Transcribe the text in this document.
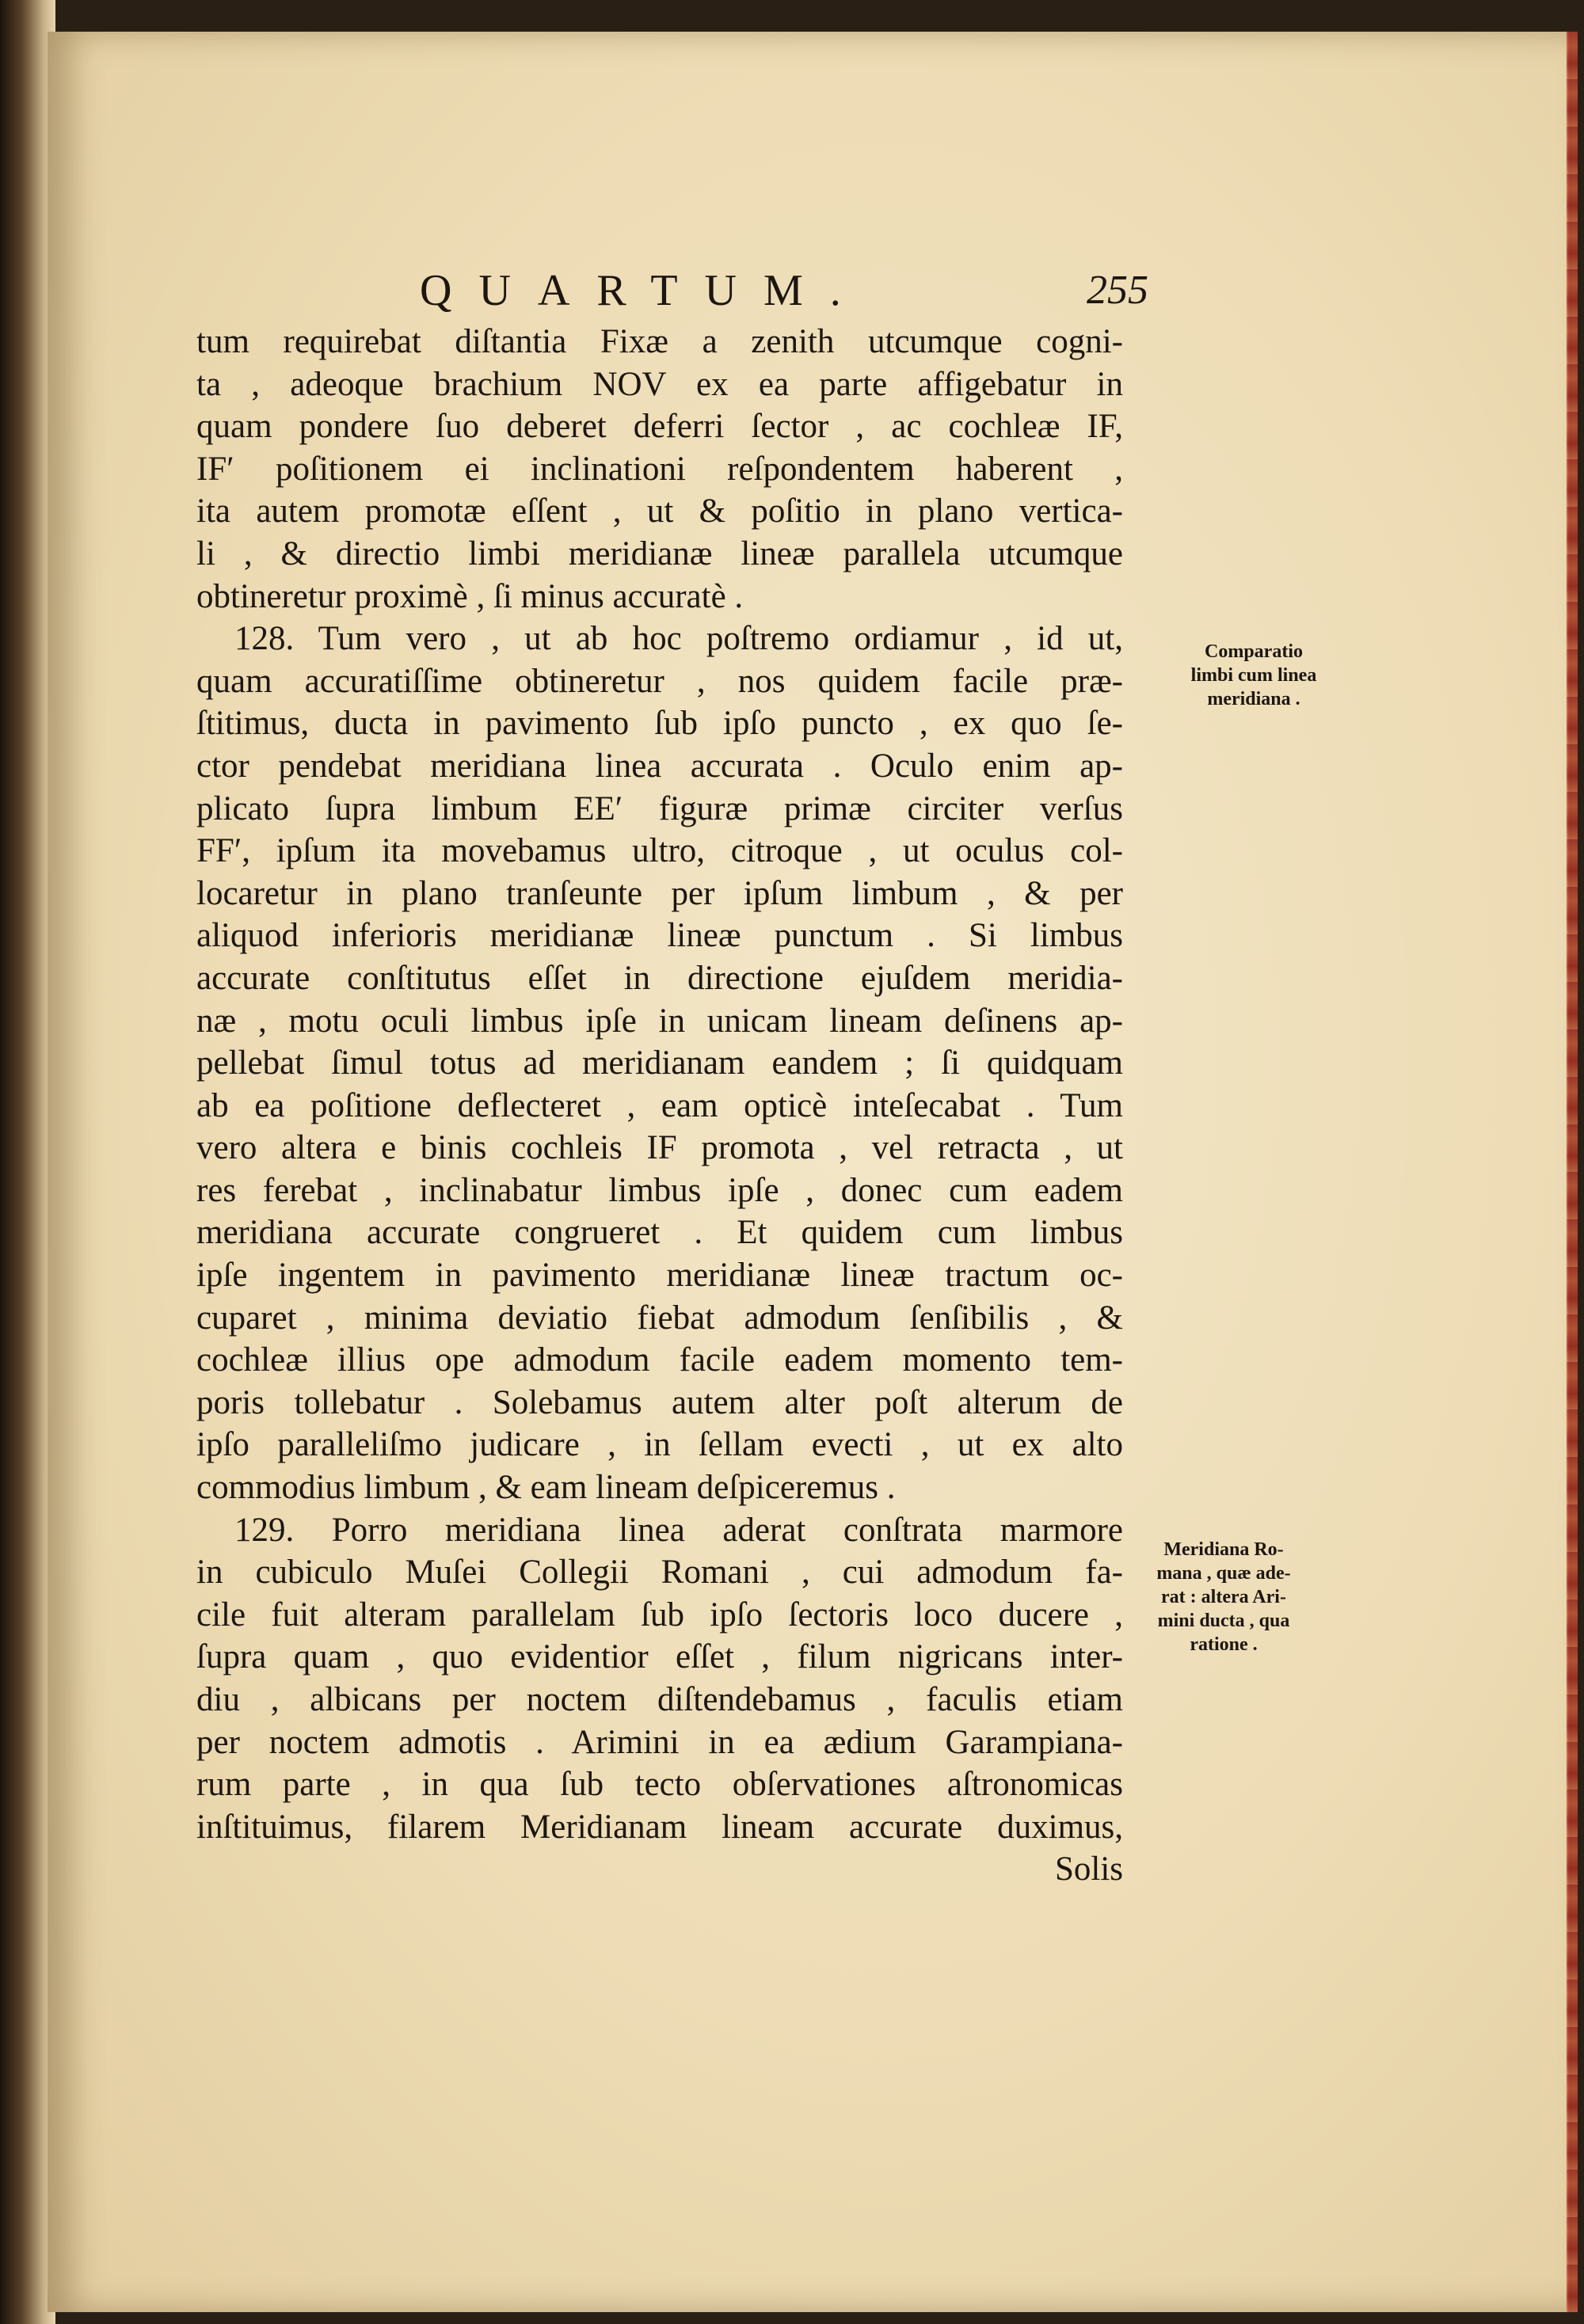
QUARTUM.	255
tum requirebat diſtantia Fixæ a zenith utcumque cogni-
ta , adeoque brachium NOV ex ea parte affigebatur in
quam pondere ſuo deberet deferri ſector , ac cochleæ IF,
IF′ poſitionem ei inclinationi reſpondentem haberent ,
ita autem promotæ eſſent , ut & poſitio in plano vertica-
li , & directio limbi meridianæ lineæ parallela utcumque
obtineretur proximè , ſi minus accuratè .
128. Tum vero , ut ab hoc poſtremo ordiamur , id ut,
quam accuratiſſime obtineretur , nos quidem facile præ-
ſtitimus, ducta in pavimento ſub ipſo puncto , ex quo ſe-
ctor pendebat meridiana linea accurata . Oculo enim ap-
plicato ſupra limbum EE′ figuræ primæ circiter verſus
FF′, ipſum ita movebamus ultro, citroque , ut oculus col-
locaretur in plano tranſeunte per ipſum limbum , & per
aliquod inferioris meridianæ lineæ punctum . Si limbus
accurate conſtitutus eſſet in directione ejuſdem meridia-
næ , motu oculi limbus ipſe in unicam lineam deſinens ap-
pellebat ſimul totus ad meridianam eandem ; ſi quidquam
ab ea poſitione deflecteret , eam opticè inteſecabat . Tum
vero altera e binis cochleis IF promota , vel retracta , ut
res ferebat , inclinabatur limbus ipſe , donec cum eadem
meridiana accurate congrueret . Et quidem cum limbus
ipſe ingentem in pavimento meridianæ lineæ tractum oc-
cuparet , minima deviatio fiebat admodum ſenſibilis , &
cochleæ illius ope admodum facile eadem momento tem-
poris tollebatur . Solebamus autem alter poſt alterum de
ipſo paralleliſmo judicare , in ſellam evecti , ut ex alto
commodius limbum , & eam lineam deſpiceremus .
129. Porro meridiana linea aderat conſtrata marmore
in cubiculo Muſei Collegii Romani , cui admodum fa-
cile fuit alteram parallelam ſub ipſo ſectoris loco ducere ,
ſupra quam , quo evidentior eſſet , filum nigricans inter-
diu , albicans per noctem diſtendebamus , faculis etiam
per noctem admotis . Arimini in ea ædium Garampiana-
rum parte , in qua ſub tecto obſervationes aſtronomicas
inſtituimus, filarem Meridianam lineam accurate duximus,
Solis
Comparatio
limbi cum linea
meridiana .
Meridiana Ro-
mana , quæ ade-
rat : altera Ari-
mini ducta , qua
ratione .
